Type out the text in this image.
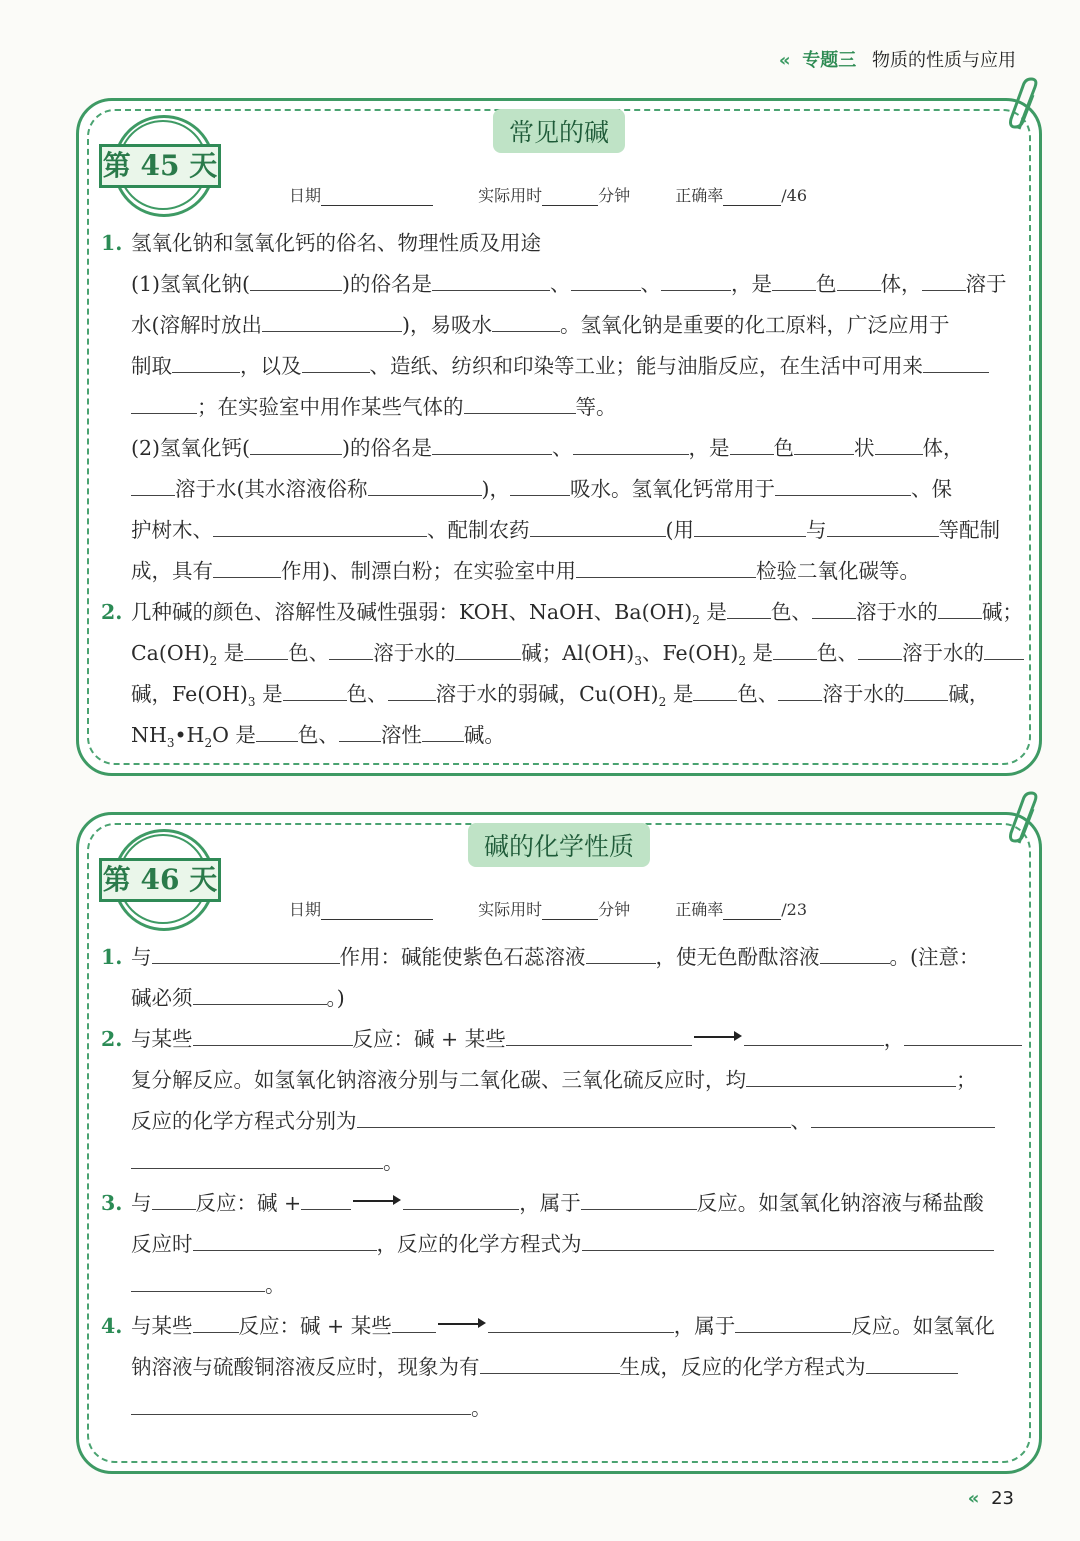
« 专题三 物质的性质与应用
第 45 天
常见的碱
日期	实际用时	分钟	正确率	/46
1. 氢氧化钠和氢氧化钙的俗名、物理性质及用途
(1)氢氧化钠(	)的俗名是	、	、	，是 色 体， 溶于
水(溶解时放出	)，易吸水	。氢氧化钠是重要的化工原料，广泛应用于
制取	，以及	、造纸、纺织和印染等工业；能与油脂反应，在生活中可用来
；在实验室中用作某些气体的	等。
(2)氢氧化钙(	)的俗名是	、	，是 色	状 体，
溶于水(其水溶液俗称	)，	吸水。氢氧化钙常用于	、保
护树木、	、配制农药	(用	与	等配制
成，具有	作用)、制漂白粉；在实验室中用	检验二氧化碳等。
2. 几种碱的颜色、溶解性及碱性强弱：KOH、NaOH、$Ba(OH)_2$ 是 色、 溶于水的 碱；
$Ca(OH)_2$ 是 色、 溶于水的	碱；$Al(OH)_3$、$Fe(OH)_2$ 是 色、 溶于水的
碱，$Fe(OH)_3$ 是	色、 溶于水的弱碱，$Cu(OH)_2$ 是 色、 溶于水的 碱，
$NH_3•H_2O$ 是 色、 溶性 碱。
第 46 天
碱的化学性质
日期	实际用时	分钟	正确率	/23
1. 与	作用：碱能使紫色石蕊溶液	，使无色酚酞溶液	。(注意：
碱必须	。)
2. 与某些	反应：碱 + 某些	，
复分解反应。如氢氧化钠溶液分别与二氧化碳、三氧化硫反应时，均	；
反应的化学方程式分别为	、
。
3. 与 反应：碱 +	，属于	反应。如氢氧化钠溶液与稀盐酸
反应时	，反应的化学方程式为
。
4. 与某些 反应：碱 + 某些	，属于	反应。如氢氧化
钠溶液与硫酸铜溶液反应时，现象为有	生成，反应的化学方程式为
。
« 23
